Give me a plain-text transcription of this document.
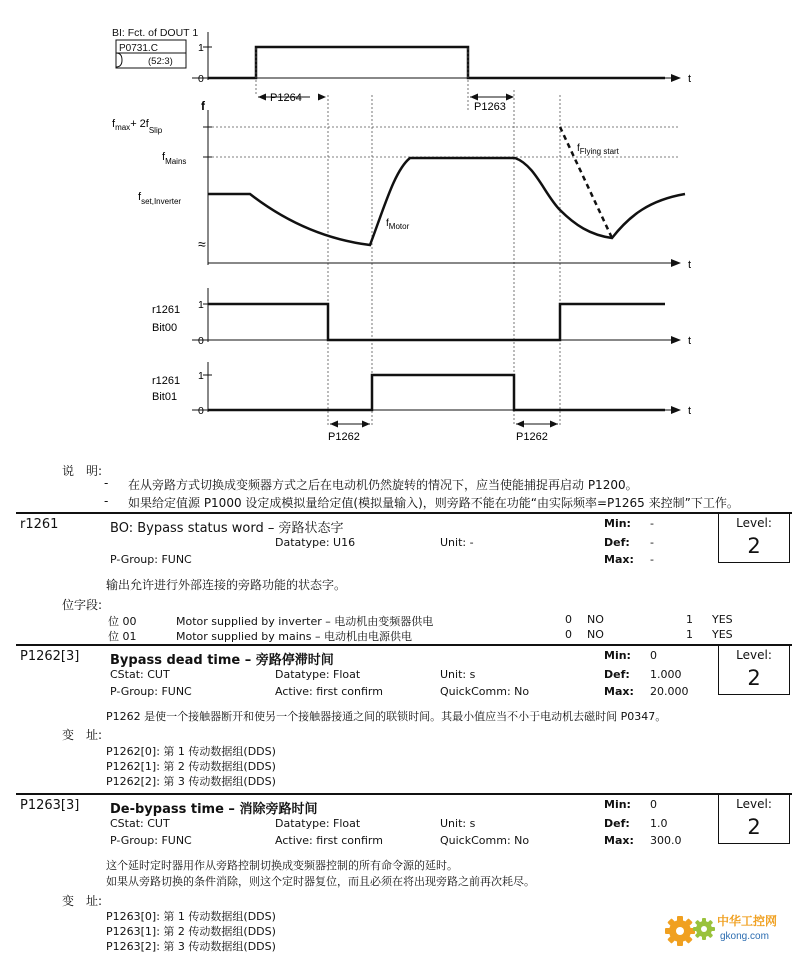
BI: Fct. of DOUT 1
P0731.C
(52:3)
t
1
0
P1264
P1263
t
f
≈
$f_{max}+ 2f_{Slip}$
$f_{Mains}$
$f_{set,Inverter}$
$f_{Motor}$
$f_{Flying start}$
r1261
Bit00
t
1
0
r1261
Bit01
t
1
0
P1262	P1262
说　明:
- 在从旁路方式切换成变频器方式之后在电动机仍然旋转的情况下，应当使能捕捉再启动 P1200。
- 如果给定值源 P1000 设定成模拟量给定值(模拟量输入)，则旁路不能在功能“由实际频率=P1265 来控制”下工作。
r1261	BO: Bypass status word – 旁路状态字
Datatype: U16	Unit: -
P-Group: FUNC
Min: -
Def: -
Max: -
Level:
2
输出允许进行外部连接的旁路功能的状态字。
位字段:
位 00	Motor supplied by inverter – 电动机由变频器供电	0 NO	1 YES
位 01	Motor supplied by mains – 电动机由电源供电	0 NO	1 YES
P1262[3] Bypass dead time – 旁路停滞时间
CStat: CUT	Datatype: Float	Unit: s
P-Group: FUNC	Active: first confirm	QuickComm: No
Min: 0
Def: 1.000
Max: 20.000
Level:
2
P1262 是使一个接触器断开和使另一个接触器接通之间的联锁时间。其最小值应当不小于电动机去磁时间 P0347。
变　址:
P1262[0]: 第 1 传动数据组(DDS)
P1262[1]: 第 2 传动数据组(DDS)
P1262[2]: 第 3 传动数据组(DDS)
P1263[3] De-bypass time – 消除旁路时间
CStat: CUT	Datatype: Float	Unit: s
P-Group: FUNC	Active: first confirm	QuickComm: No
Min: 0
Def: 1.0
Max: 300.0
Level:
2
这个延时定时器用作从旁路控制切换成变频器控制的所有命令源的延时。
如果从旁路切换的条件消除，则这个定时器复位，而且必须在将出现旁路之前再次耗尽。
变　址:
P1263[0]: 第 1 传动数据组(DDS)
P1263[1]: 第 2 传动数据组(DDS)
P1263[2]: 第 3 传动数据组(DDS)
中华工控网
gkong.com
